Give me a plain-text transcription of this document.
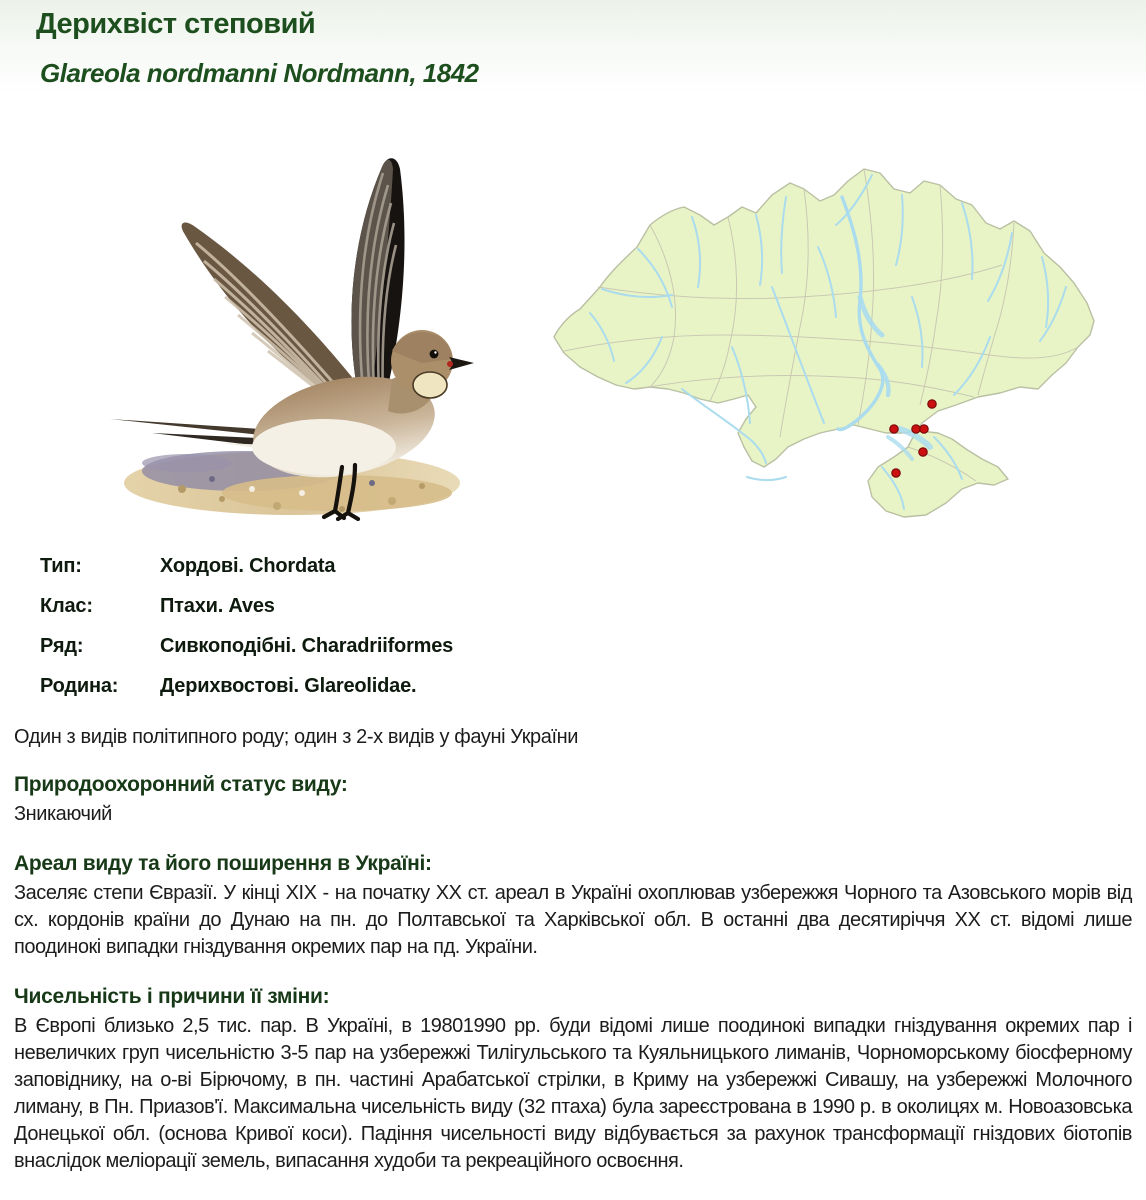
Дерихвіст степовий
Glareola nordmanni Nordmann, 1842
Тип:	Хордові. Chordata
Клас:	Птахи. Aves
Ряд:	Сивкоподібні. Charadriiformes
Родина:	Дерихвостові. Glareolidae.

Один з видів політипного роду; один з 2-х видів у фауні України

Природоохоронний статус виду:

Зникаючий

Ареал виду та його поширення в Україні:

Заселяє степи Євразії. У кінці XIX - на початку XX ст. ареал в Україні охоплював узбережжя Чорного та Азовського морів від сх. кордонів країни до Дунаю на пн. до Полтавської та Харківської обл. В останні два десятиріччя XX ст. відомі лише поодинокі випадки гніздування окремих пар на пд. України.

Чисельність і причини її зміни:

В Європі близько 2,5 тис. пар. В Україні, в 19801990 рр. буди відомі лише поодинокі випадки гніздування окремих пар і невеличких груп чисельністю 3-5 пар на узбережжі Тилігульського та Куяльницького лиманів, Чорноморському біосферному заповіднику, на о-ві Бірючому, в пн. частині Арабатської стрілки, в Криму на узбережжі Сивашу, на узбережжі Молочного лиману, в Пн. Приазов'ї. Максимальна чисельність виду (32 птаха) була зареєстрована в 1990 р. в околицях м. Новоазовська Донецької обл. (основа Кривої коси). Падіння чисельності виду відбувається за рахунок трансформації гніздових біотопів внаслідок меліорації земель, випасання худоби та рекреаційного освоєння.
